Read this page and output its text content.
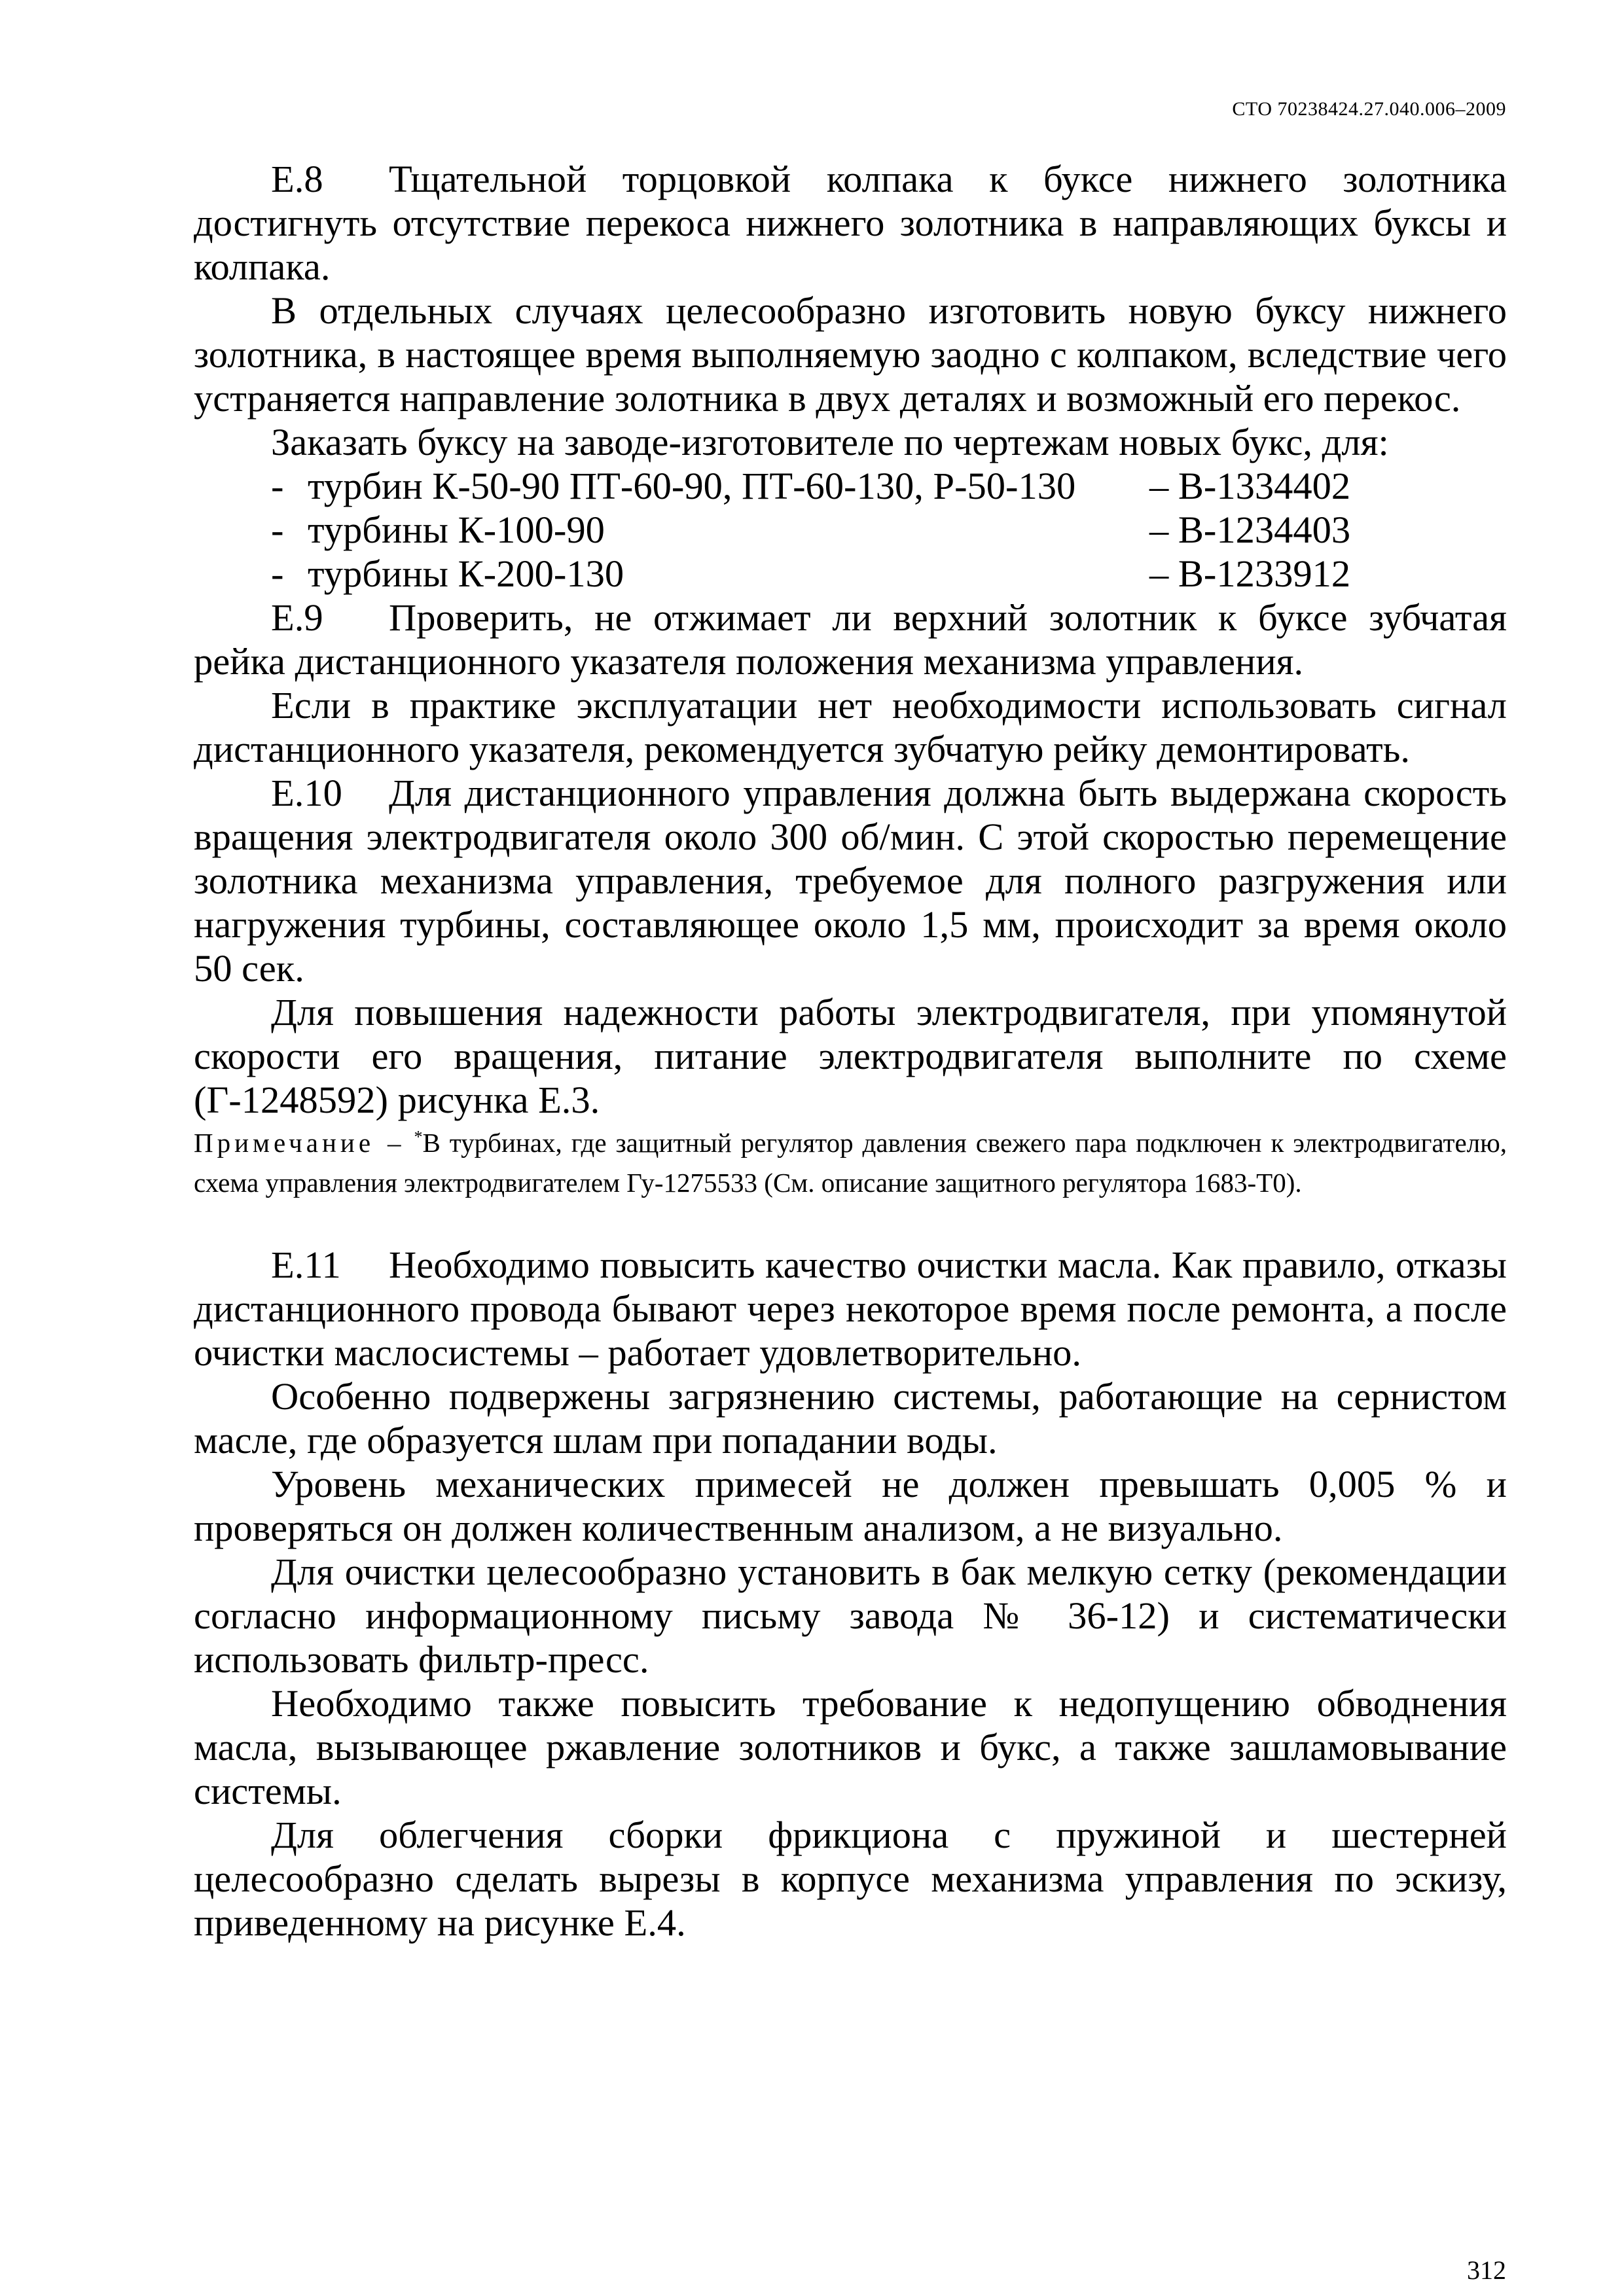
СТО 70238424.27.040.006–2009

Е.8 Тщательной торцовкой колпака к буксе нижнего золотника достигнуть отсутствие перекоса нижнего золотника в направляющих буксы и колпака.

В отдельных случаях целесообразно изготовить новую буксу нижнего золотника, в настоящее время выполняемую заодно с колпаком, вследствие чего устраняется направление золотника в двух деталях и возможный его перекос.

Заказать буксу на заводе-изготовителе по чертежам новых букс, для:

- турбин К-50-90 ПТ-60-90, ПТ-60-130, Р-50-130	– В-1334402
- турбины К-100-90	– В-1234403
- турбины К-200-130	– В-1233912

Е.9 Проверить, не отжимает ли верхний золотник к буксе зубчатая рейка дистанционного указателя положения механизма управления.

Если в практике эксплуатации нет необходимости использовать сигнал дистанционного указателя, рекомендуется зубчатую рейку демонтировать.

Е.10 Для дистанционного управления должна быть выдержана скорость вращения электродвигателя около 300 об/мин. С этой скоростью перемещение золотника механизма управления, требуемое для полного разгружения или нагружения турбины, составляющее около 1,5 мм, происходит за время около 50 сек.

Для повышения надежности работы электродвигателя, при упомянутой скорости его вращения, питание электродвигателя выполните по схеме (Г-1248592) рисунка Е.3.

Примечание – *В турбинах, где защитный регулятор давления свежего пара подключен к электродвигателю, схема управления электродвигателем Гу-1275533 (См. описание защитного регулятора 1683-Т0).

Е.11 Необходимо повысить качество очистки масла. Как правило, отказы дистанционного провода бывают через некоторое время после ремонта, а после очистки маслосистемы – работает удовлетворительно.

Особенно подвержены загрязнению системы, работающие на сернистом масле, где образуется шлам при попадании воды.

Уровень механических примесей не должен превышать 0,005 % и проверяться он должен количественным анализом, а не визуально.

Для очистки целесообразно установить в бак мелкую сетку (рекомендации согласно информационному письму завода № 36-12) и систематически использовать фильтр-пресс.

Необходимо также повысить требование к недопущению обводнения масла, вызывающее ржавление золотников и букс, а также зашламовывание системы.

Для облегчения сборки фрикциона с пружиной и шестерней целесообразно сделать вырезы в корпусе механизма управления по эскизу, приведенному на рисунке Е.4.

312
